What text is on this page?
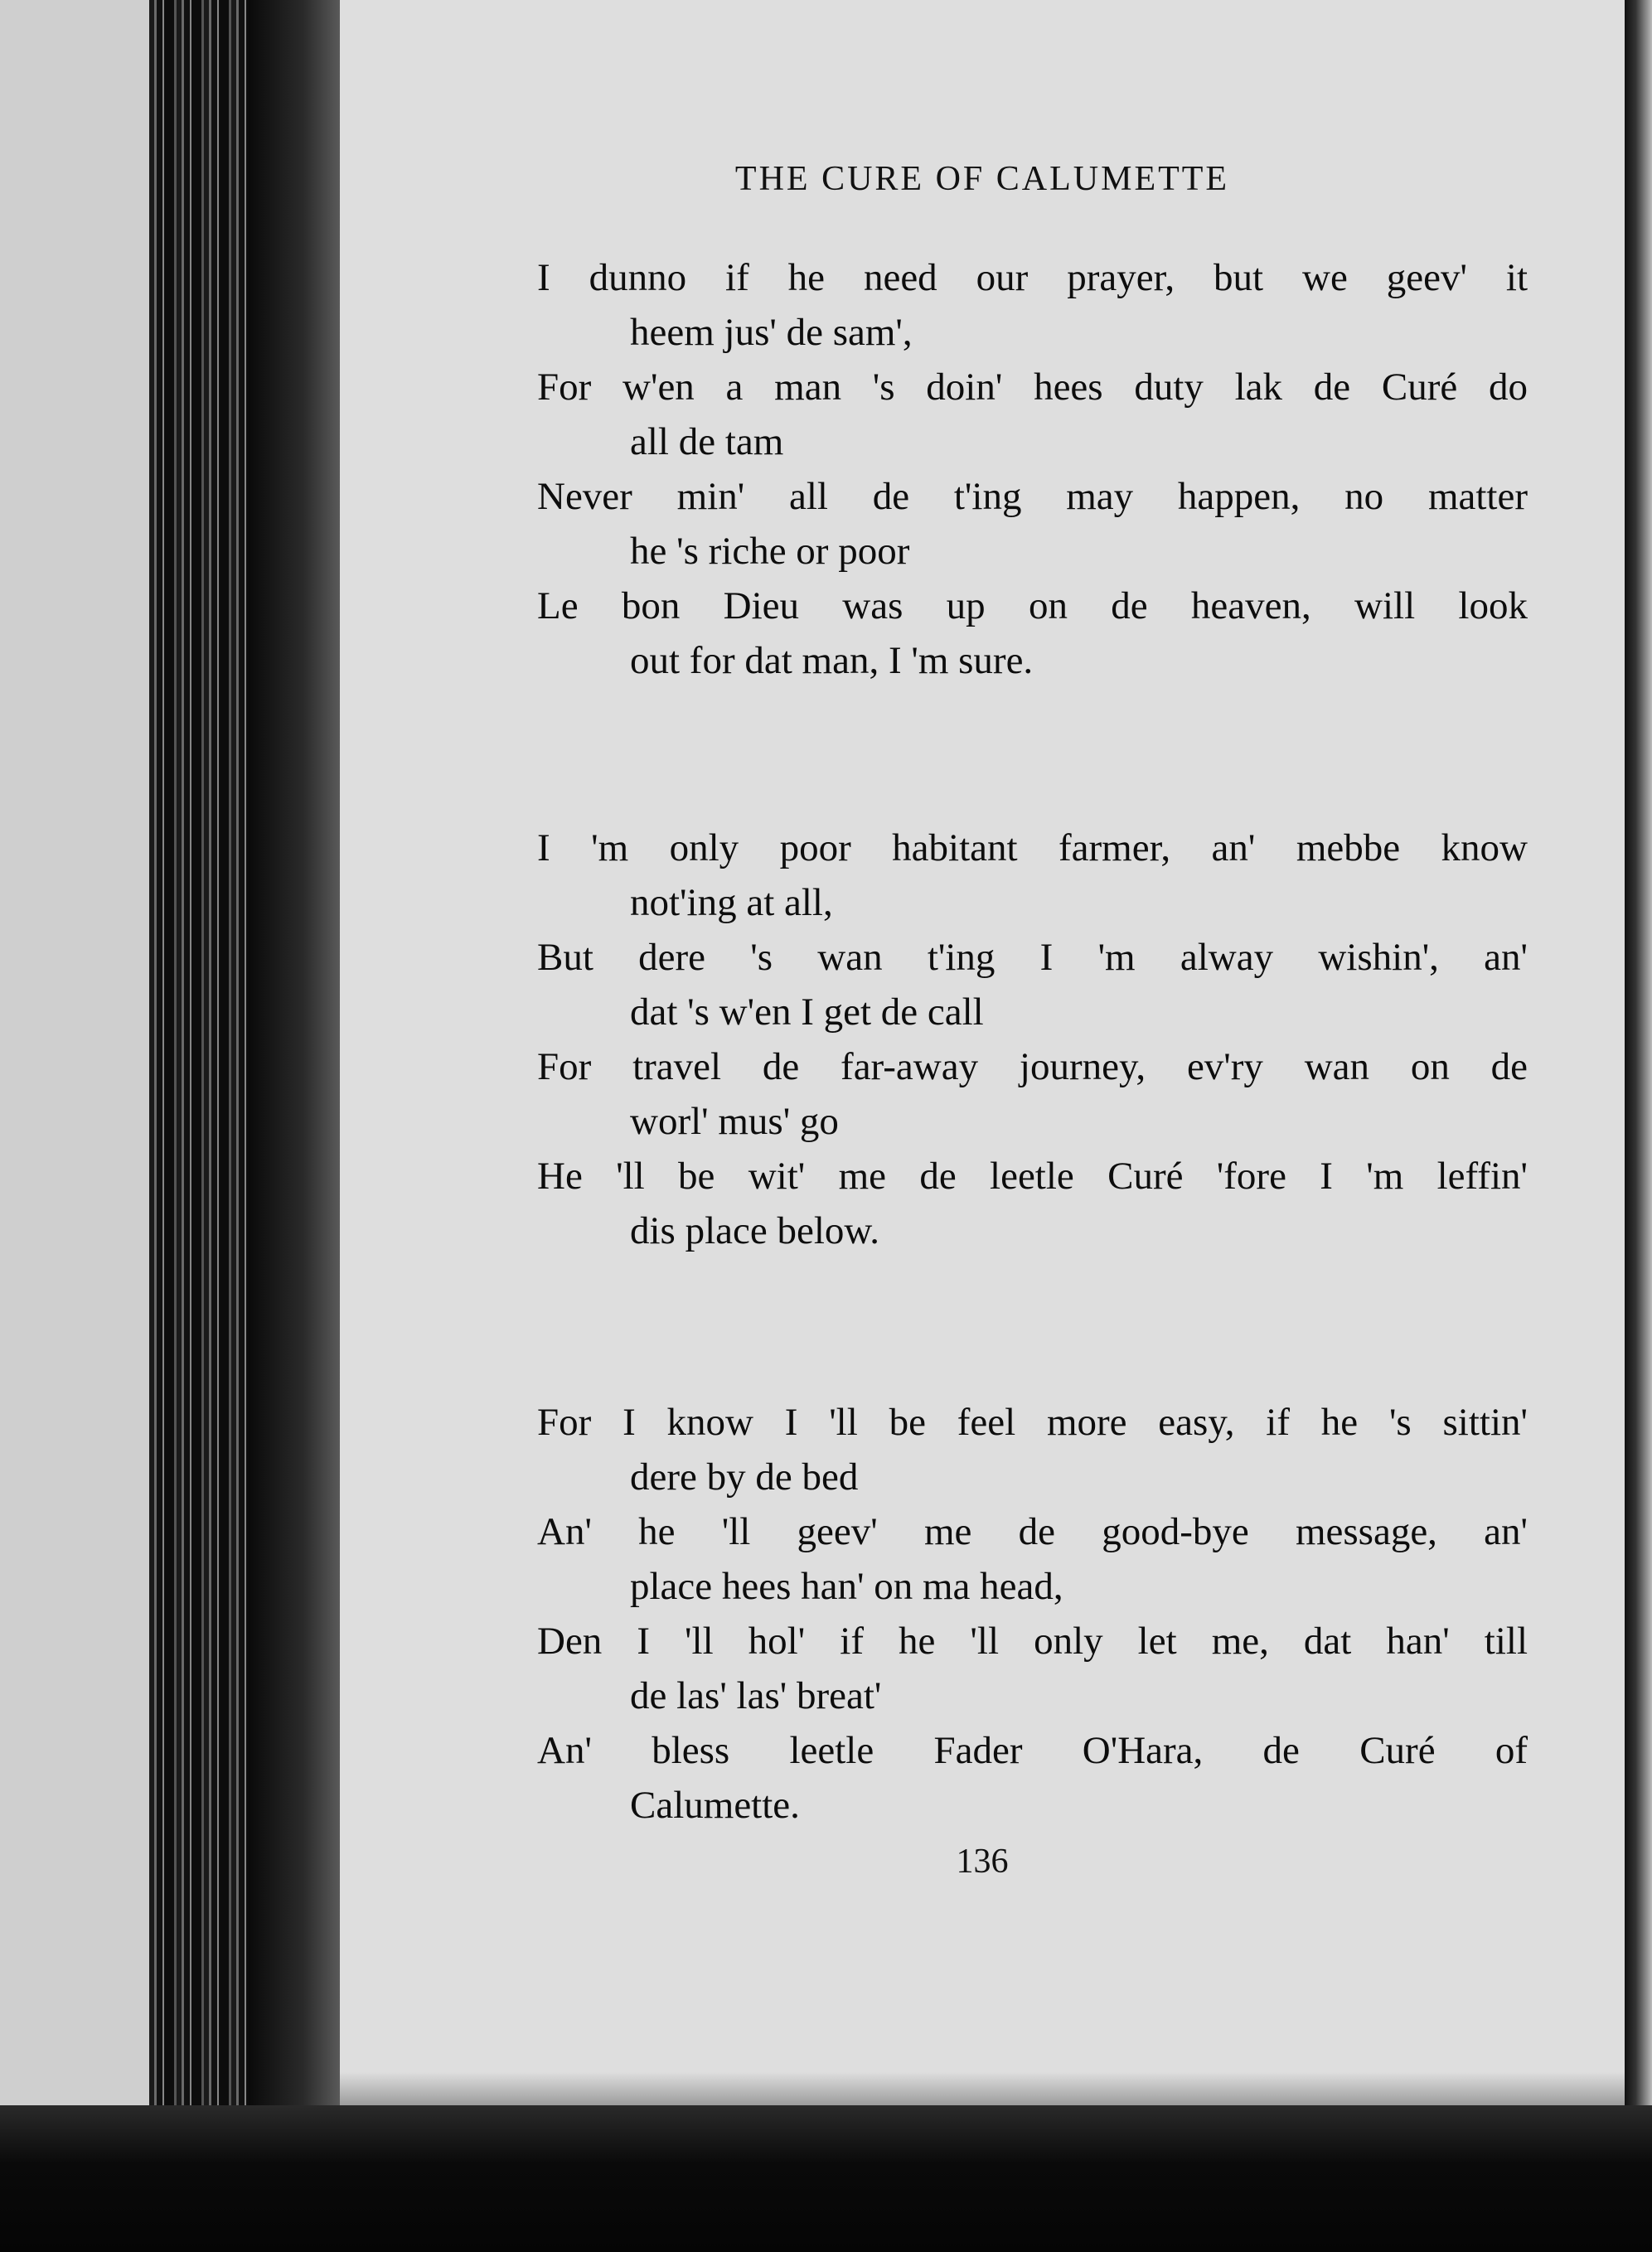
THE CURE OF CALUMETTE
I dunno if he need our prayer, but we geev' it
heem jus' de sam',
For w'en a man 's doin' hees duty lak de Curé do
all de tam
Never min' all de t'ing may happen, no matter
he 's riche or poor
Le bon Dieu was up on de heaven, will look
out for dat man, I 'm sure.
I 'm only poor habitant farmer, an' mebbe know
not'ing at all,
But dere 's wan t'ing I 'm alway wishin', an'
dat 's w'en I get de call
For travel de far-away journey, ev'ry wan on de
worl' mus' go
He 'll be wit' me de leetle Curé 'fore I 'm leffin'
dis place below.
For I know I 'll be feel more easy, if he 's sittin'
dere by de bed
An' he 'll geev' me de good-bye message, an'
place hees han' on ma head,
Den I 'll hol' if he 'll only let me, dat han' till
de las' las' breat'
An' bless leetle Fader O'Hara, de Curé of
Calumette.
136
